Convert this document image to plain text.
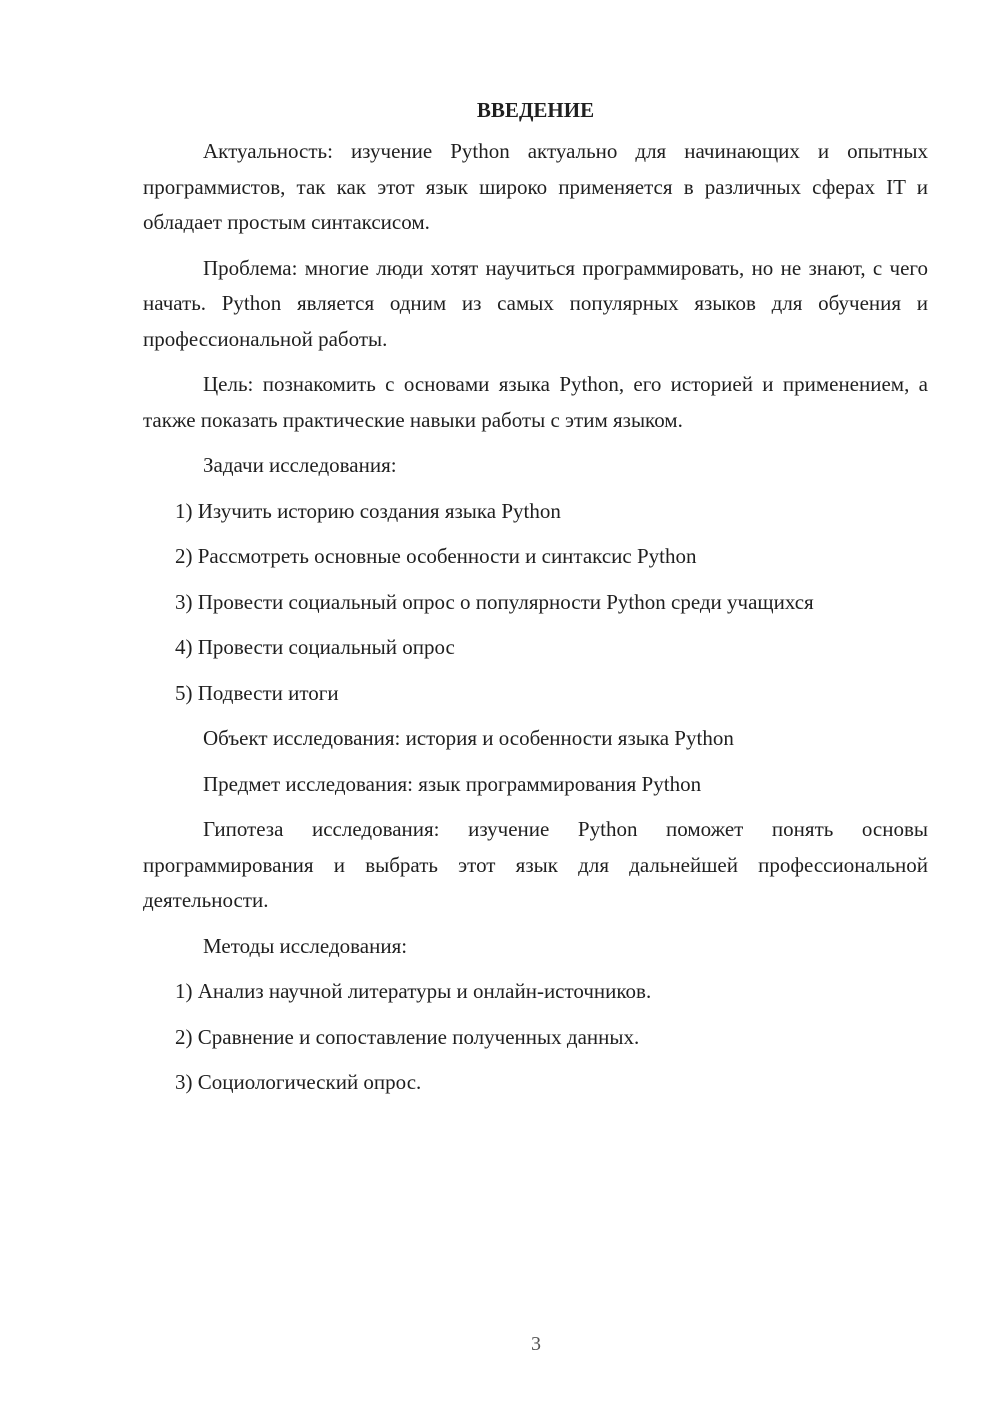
ВВЕДЕНИЕ

Актуальность: изучение Python актуально для начинающих и опытных программистов, так как этот язык широко применяется в различных сферах IT и обладает простым синтаксисом.

Проблема: многие люди хотят научиться программировать, но не знают, с чего начать. Python является одним из самых популярных языков для обучения и профессиональной работы.

Цель: познакомить с основами языка Python, его историей и применением, а также показать практические навыки работы с этим языком.

Задачи исследования:
1) Изучить историю создания языка Python
2) Рассмотреть основные особенности и синтаксис Python
3) Провести социальный опрос о популярности Python среди учащихся
4) Провести социальный опрос
5) Подвести итоги
Объект исследования: история и особенности языка Python
Предмет исследования: язык программирования Python

Гипотеза исследования: изучение Python поможет понять основы программирования и выбрать этот язык для дальнейшей профессиональной деятельности.

Методы исследования:
1) Анализ научной литературы и онлайн-источников.
2) Сравнение и сопоставление полученных данных.
3) Социологический опрос.
3
